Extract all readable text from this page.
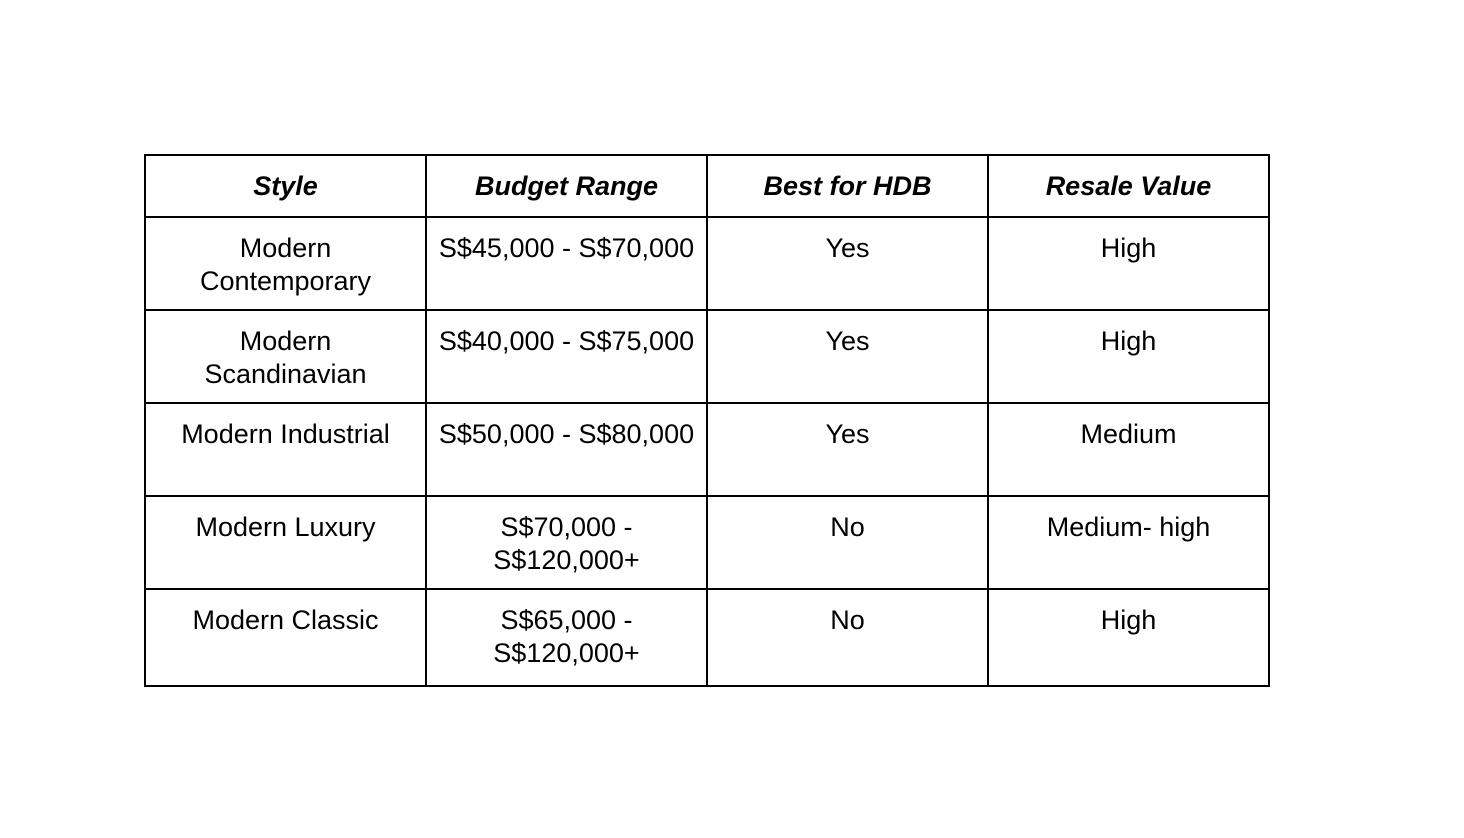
Style	Budget Range	Best for HDB	Resale Value
Modern Contemporary	S$45,000 - S$70,000	Yes	High
Modern Scandinavian	S$40,000 - S$75,000	Yes	High
Modern Industrial	S$50,000 - S$80,000	Yes	Medium
Modern Luxury	S$70,000 - S$120,000+	No	Medium- high
Modern Classic	S$65,000 - S$120,000+	No	High
